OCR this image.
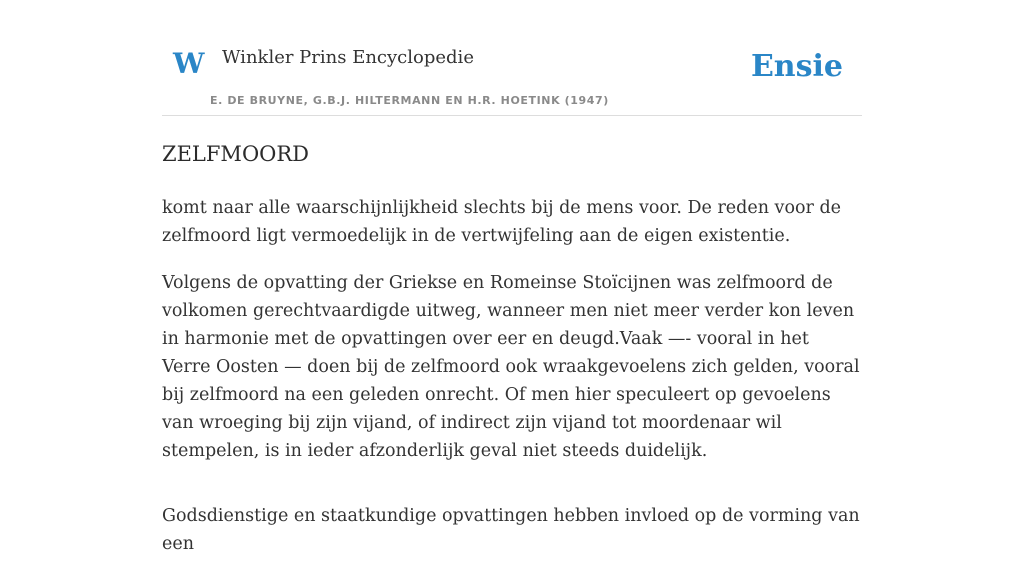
W Winkler Prins Encyclopedie
E. DE BRUYNE, G.B.J. HILTERMANN EN H.R. HOETINK (1947)
Ensie
ZELFMOORD

komt naar alle waarschijnlijkheid slechts bij de mens voor. De reden voor de zelfmoord ligt vermoedelijk in de vertwijfeling aan de eigen existentie.

Volgens de opvatting der Griekse en Romeinse Stoïcijnen was zelfmoord de volkomen gerechtvaardigde uitweg, wanneer men niet meer verder kon leven in harmonie met de opvattingen over eer en deugd.Vaak —- vooral in het Verre Oosten — doen bij de zelfmoord ook wraakgevoelens zich gelden, vooral bij zelfmoord na een geleden onrecht. Of men hier speculeert op gevoelens van wroeging bij zijn vijand, of indirect zijn vijand tot moordenaar wil stempelen, is in ieder afzonderlijk geval niet steeds duidelijk.

Godsdienstige en staatkundige opvattingen hebben invloed op de vorming van een
